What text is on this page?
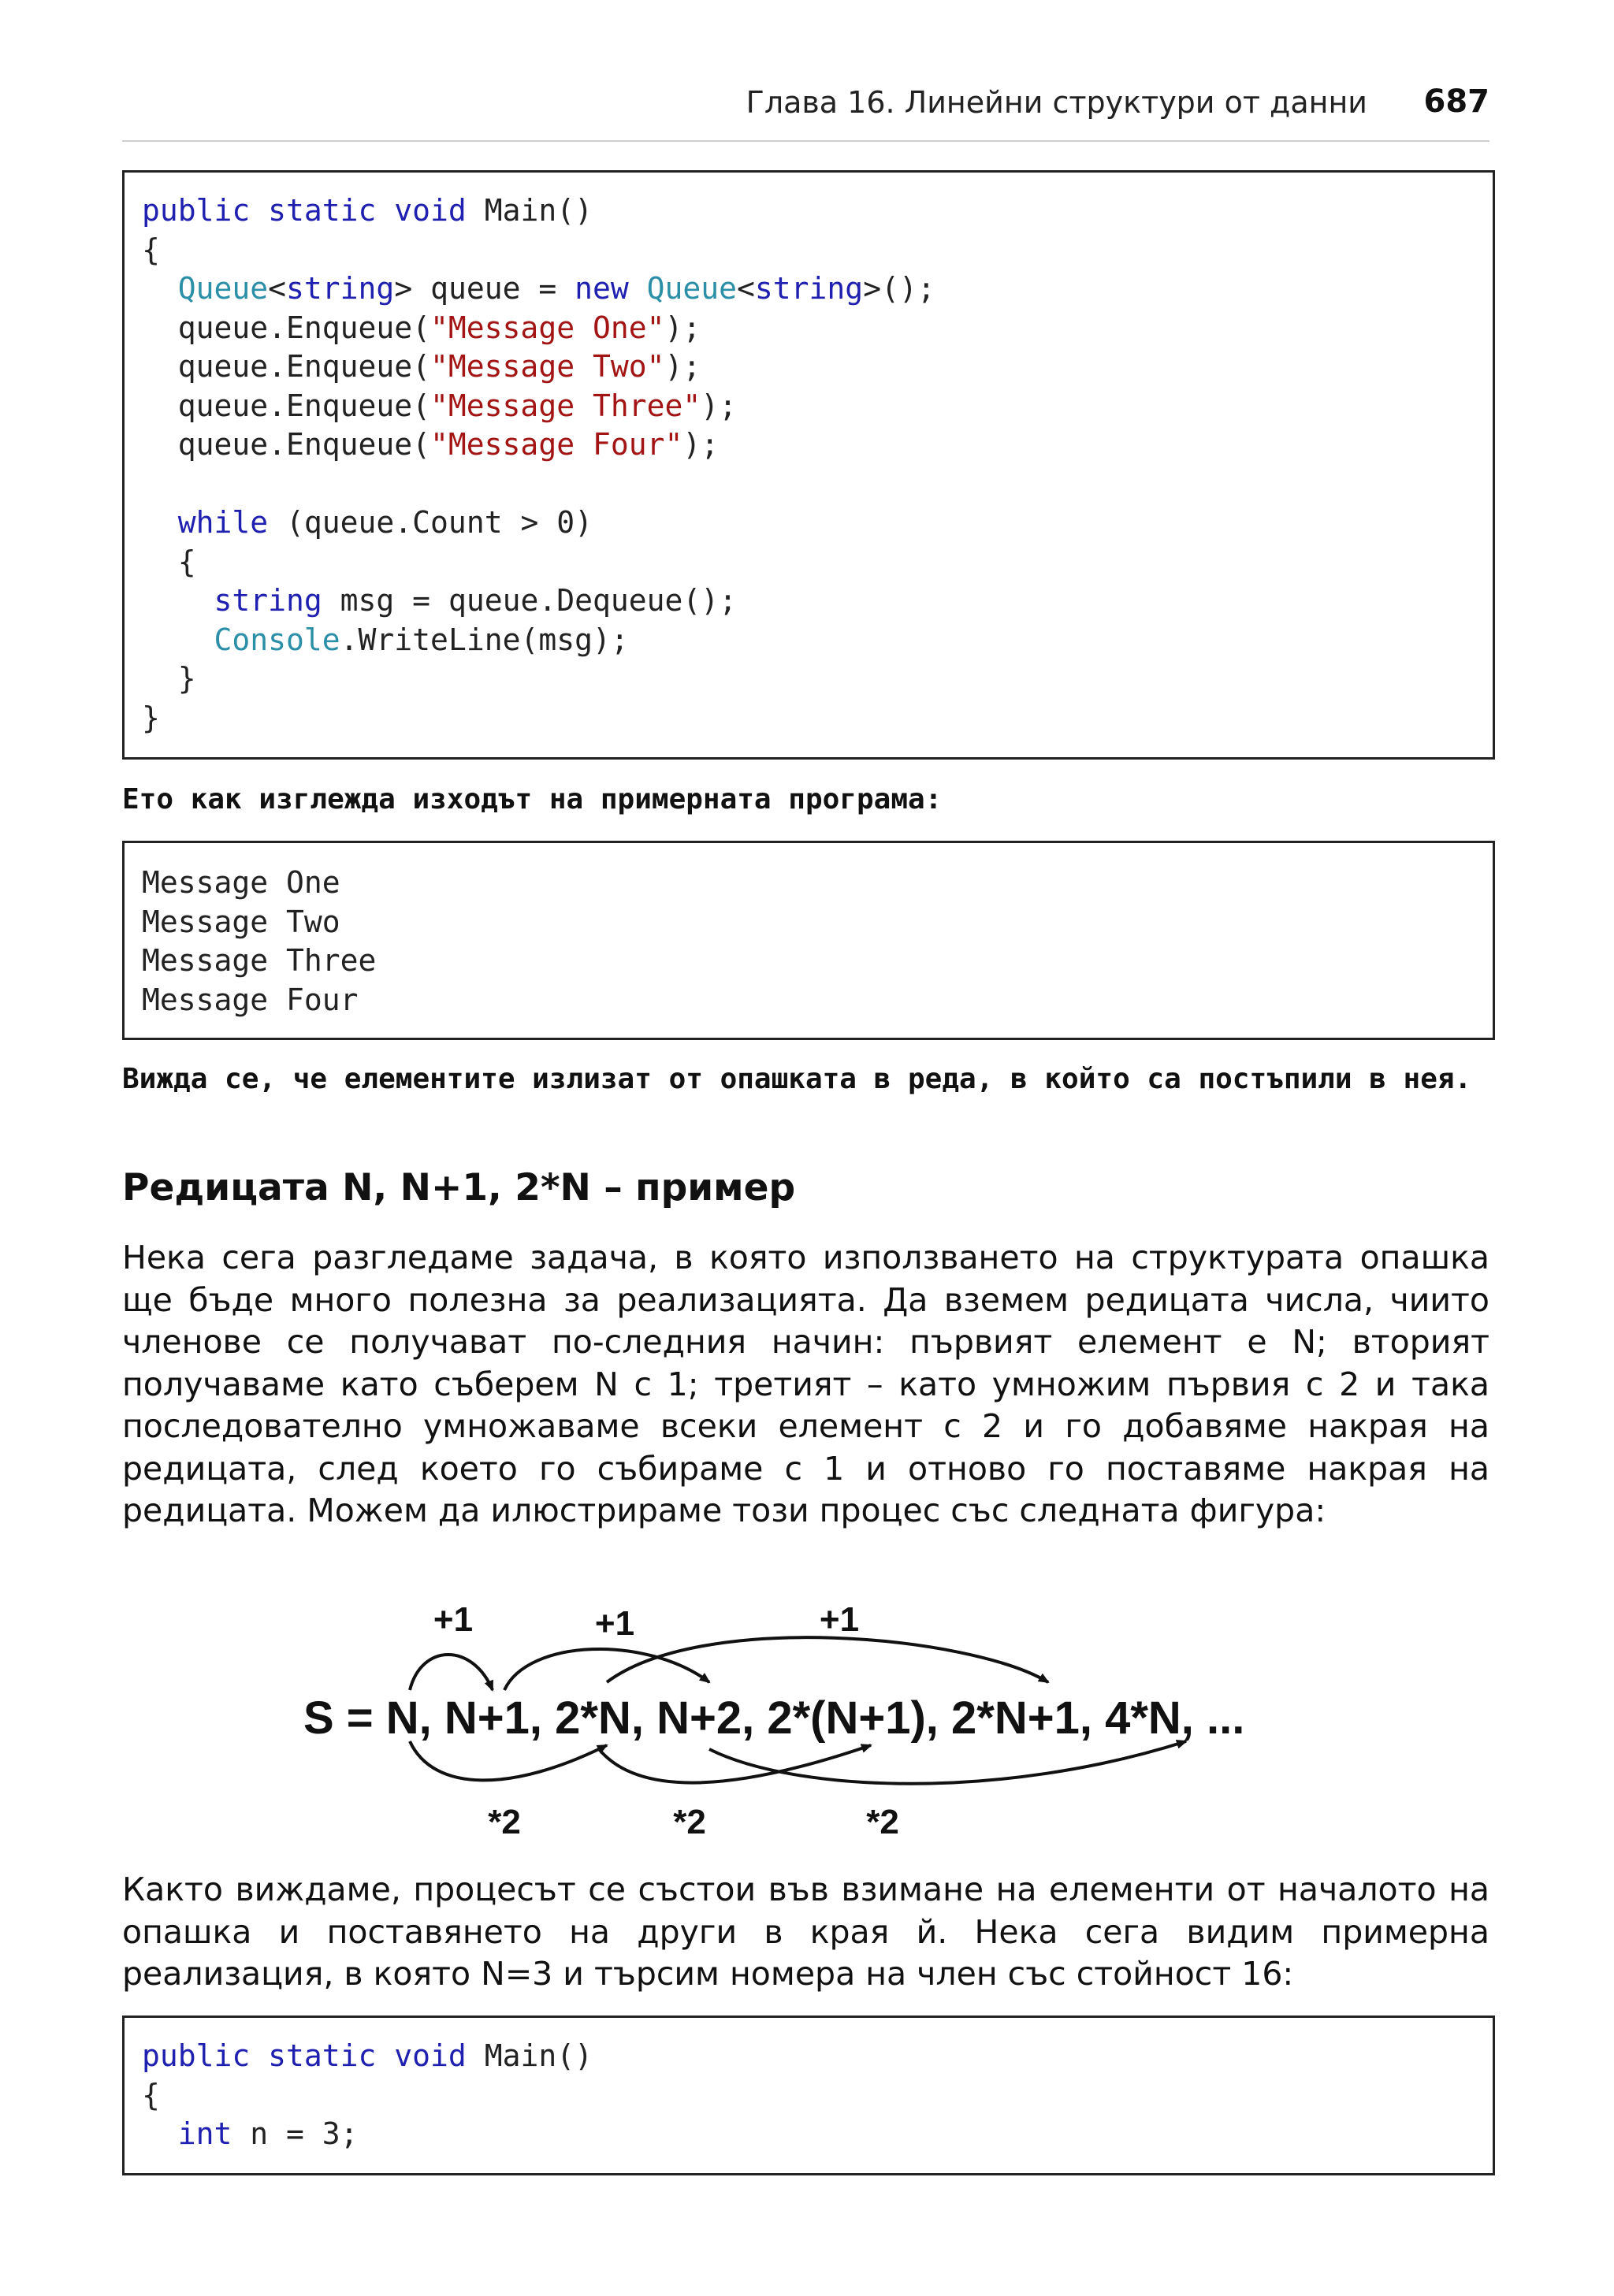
Глава 16. Линейни структури от данни 687
public static void Main()
{
Queue<string> queue = new Queue<string>();
queue.Enqueue("Message One");
queue.Enqueue("Message Two");
queue.Enqueue("Message Three");
queue.Enqueue("Message Four");
while (queue.Count > 0)
{
string msg = queue.Dequeue();
Console.WriteLine(msg);
}
}
Ето как изглежда изходът на примерната програма:
Message One
Message Two
Message Three
Message Four
Вижда се, че елементите излизат от опашката в реда, в който са постъпили в нея.
Редицата N, N+1, 2*N – пример
Нека сега разгледаме задача, в която използването на структурата опашка ще бъде много полезна за реализацията. Да вземем редицата числа, чиито членове се получават по-следния начин: първият елемент е N; вторият получаваме като съберем N с 1; третият – като умножим първия с 2 и така последователно умножаваме всеки елемент с 2 и го добавяме накрая на редицата, след което го събираме с 1 и отново го поставяме накрая на редицата. Можем да илюстрираме този процес със следната фигура:
+1	+1	+1
S = N, N+1, 2*N, N+2, 2*(N+1), 2*N+1, 4*N, ...
*2	*2	*2
Както виждаме, процесът се състои във взимане на елементи от началото на опашка и поставянето на други в края й. Нека сега видим примерна реализация, в която N=3 и търсим номера на член със стойност 16:
public static void Main()
{
int n = 3;
